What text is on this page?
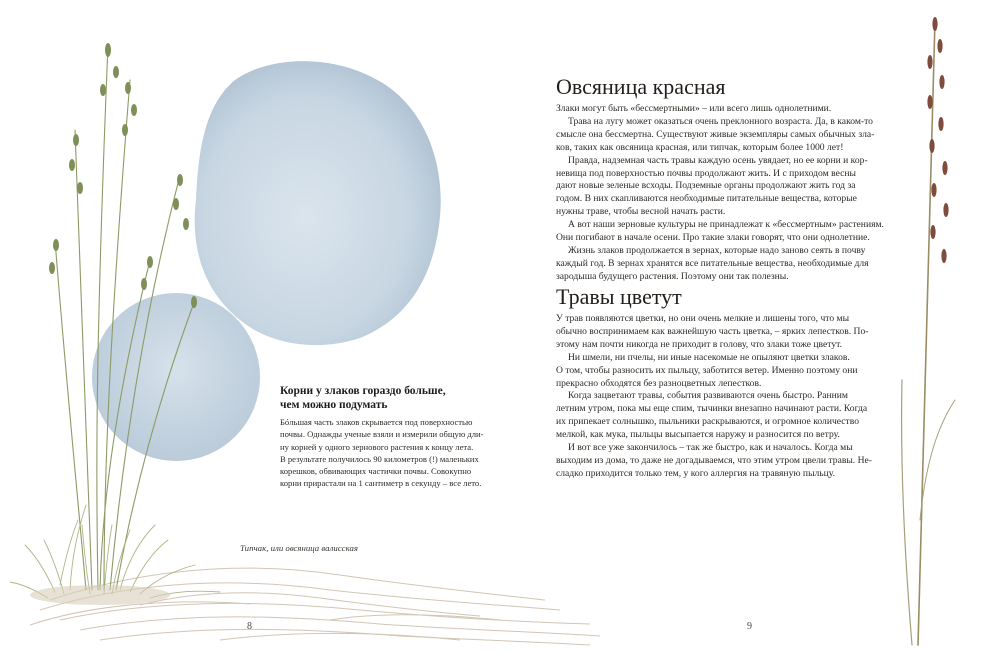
Корни у злаков гораздо больше,
чем можно подумать
Бóльшая часть злаков скрывается под поверхностью
почвы. Однажды ученые взяли и измерили общую дли-
ну корней у одного зернового растения к концу лета.
В результате получилось 90 километров (!) маленьких
корешков, обвивающих частички почвы. Совокупно
корни прирастали на 1 сантиметр в секунду – все лето.
Типчак, или овсяница валисская
8
Овсяница красная
Злаки могут быть «бессмертными» – или всего лишь однолетними.
Трава на лугу может оказаться очень преклонного возраста. Да, в каком-то
смысле она бессмертна. Существуют живые экземпляры самых обычных зла-
ков, таких как овсяница красная, или типчак, которым более 1000 лет!
Правда, надземная часть травы каждую осень увядает, но ее корни и кор-
невища под поверхностью почвы продолжают жить. И с приходом весны
дают новые зеленые всходы. Подземные органы продолжают жить год за
годом. В них скапливаются необходимые питательные вещества, которые
нужны траве, чтобы весной начать расти.
А вот наши зерновые культуры не принадлежат к «бессмертным» растениям.
Они погибают в начале осени. Про такие злаки говорят, что они однолетние.
Жизнь злаков продолжается в зернах, которые надо заново сеять в почву
каждый год. В зернах хранятся все питательные вещества, необходимые для
зародыша будущего растения. Поэтому они так полезны.
Травы цветут
У трав появляются цветки, но они очень мелкие и лишены того, что мы
обычно воспринимаем как важнейшую часть цветка, – ярких лепестков. По-
этому нам почти никогда не приходит в голову, что злаки тоже цветут.
Ни шмели, ни пчелы, ни иные насекомые не опыляют цветки злаков.
О том, чтобы разносить их пыльцу, заботится ветер. Именно поэтому они
прекрасно обходятся без разноцветных лепестков.
Когда зацветают травы, события развиваются очень быстро. Ранним
летним утром, пока мы еще спим, тычинки внезапно начинают расти. Когда
их припекает солнышко, пыльники раскрываются, и огромное количество
мелкой, как мука, пыльцы высыпается наружу и разносится по ветру.
И вот все уже закончилось – так же быстро, как и началось. Когда мы
выходим из дома, то даже не догадываемся, что этим утром цвели травы. Не-
сладко приходится только тем, у кого аллергия на травяную пыльцу.
9
